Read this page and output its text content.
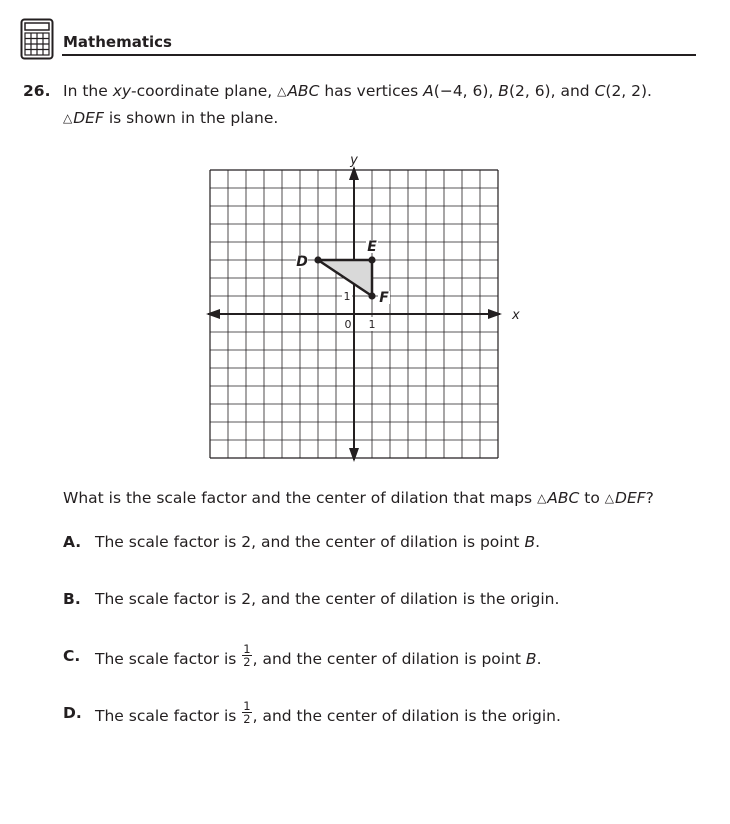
Mathematics
26. In the xy-coordinate plane, △ABC has vertices A(−4, 6), B(2, 6), and C(2, 2).
△DEF is shown in the plane.
y
x
0 1
1
D
E
F
What is the scale factor and the center of dilation that maps △ABC to △DEF?
A. The scale factor is 2, and the center of dilation is point B.
B. The scale factor is 2, and the center of dilation is the origin.
C. The scale factor is $\frac{1}{2}$ , and the center of dilation is point B.
D. The scale factor is $\frac{1}{2}$ , and the center of dilation is the origin.
